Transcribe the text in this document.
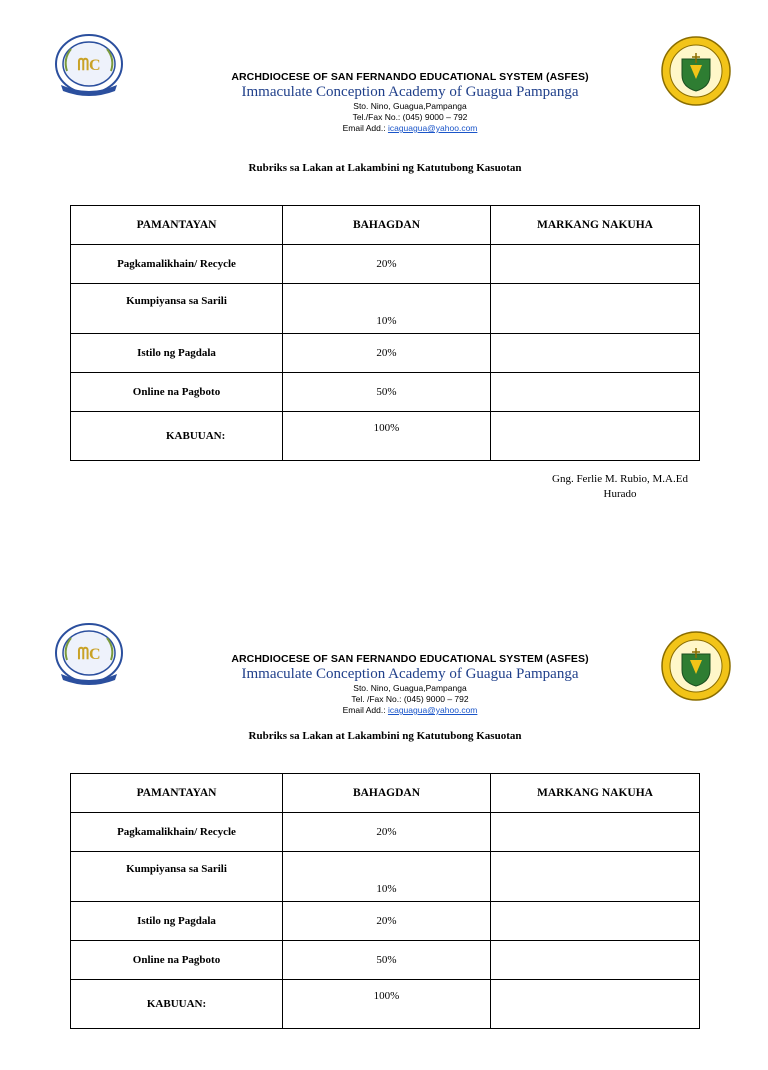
ᗰC
ARCHDIOCESE OF SAN FERNANDO EDUCATIONAL SYSTEM (ASFES)
Immaculate Conception Academy of Guagua Pampanga
Sto. Nino, Guagua,Pampanga
Tel./Fax No.: (045) 9000 – 792
Email Add.: icaguagua@yahoo.com
Rubriks sa Lakan at Lakambini ng Katutubong Kasuotan
PAMANTAYAN	BAHAGDAN	MARKANG NAKUHA
Pagkamalikhain/ Recycle	20%	
Kumpiyansa sa Sarili	10%	
Istilo ng Pagdala	20%	
Online na Pagboto	50%	
KABUUAN:	100%	
Gng. Ferlie M. Rubio, M.A.Ed
Hurado
ᗰC	ARCHDIOCESE OF SAN FERNANDO EDUCATIONAL SYSTEM (ASFES)
Immaculate Conception Academy of Guagua Pampanga
Sto. Nino, Guagua,Pampanga
Tel. /Fax No.: (045) 9000 – 792
Email Add.: icaguagua@yahoo.com
Rubriks sa Lakan at Lakambini ng Katutubong Kasuotan
PAMANTAYAN	BAHAGDAN	MARKANG NAKUHA
Pagkamalikhain/ Recycle	20%	
Kumpiyansa sa Sarili	10%	
Istilo ng Pagdala	20%	
Online na Pagboto	50%	
KABUUAN:	100%	
